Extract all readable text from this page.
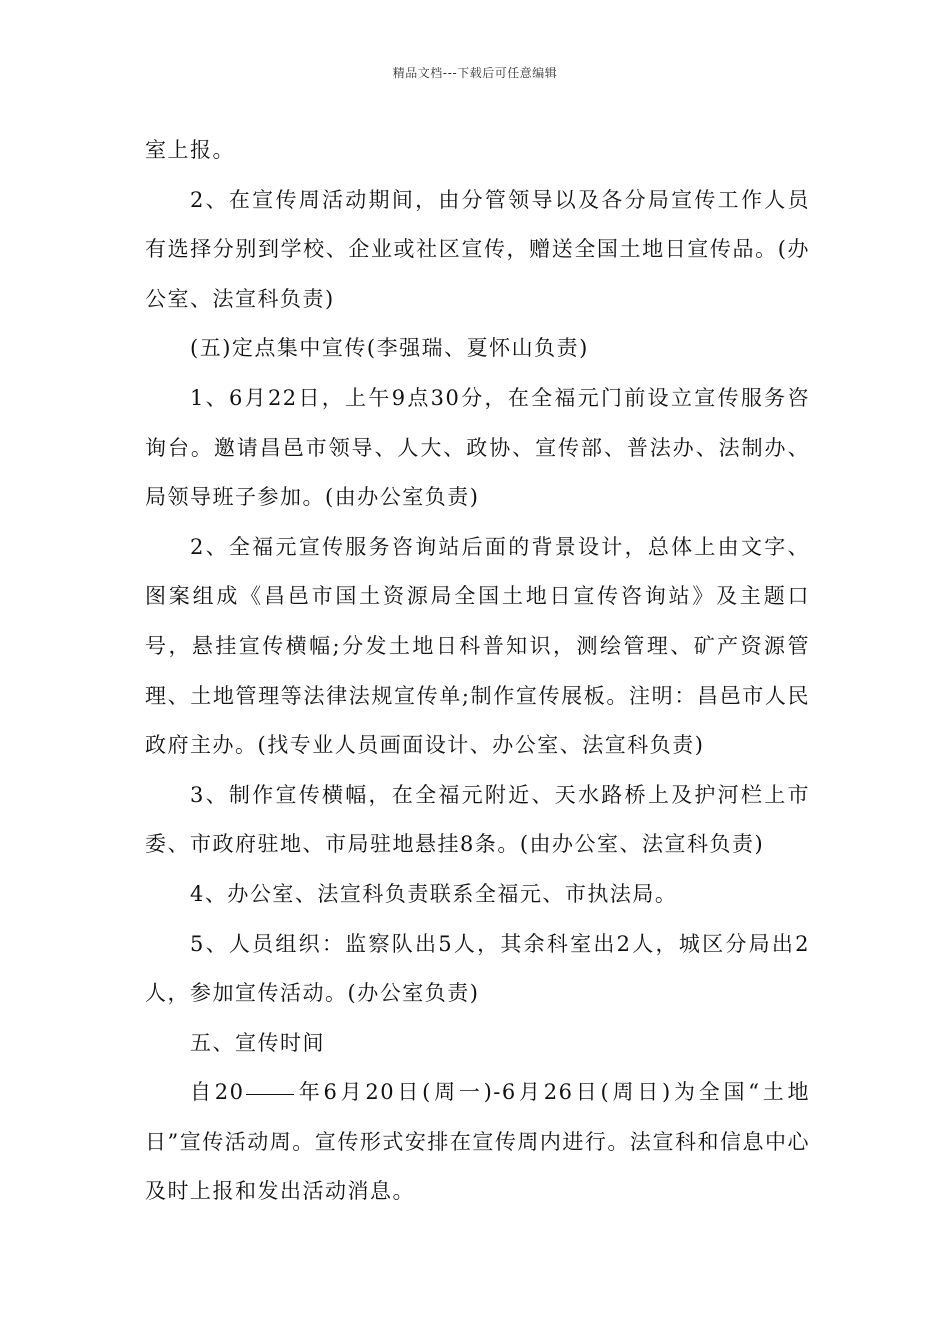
精品文档---下载后可任意编辑

室上报。

2、在宣传周活动期间，由分管领导以及各分局宣传工作人员有选择分别到学校、企业或社区宣传，赠送全国土地日宣传品。(办公室、法宣科负责)

(五)定点集中宣传(李强瑞、夏怀山负责)

1、6月22日，上午9点30分，在全福元门前设立宣传服务咨询台。邀请昌邑市领导、人大、政协、宣传部、普法办、法制办、局领导班子参加。(由办公室负责)

2、全福元宣传服务咨询站后面的背景设计，总体上由文字、图案组成《昌邑市国土资源局全国土地日宣传咨询站》及主题口号，悬挂宣传横幅;分发土地日科普知识，测绘管理、矿产资源管理、土地管理等法律法规宣传单;制作宣传展板。注明：昌邑市人民政府主办。(找专业人员画面设计、办公室、法宣科负责)

3、制作宣传横幅，在全福元附近、天水路桥上及护河栏上市委、市政府驻地、市局驻地悬挂8条。(由办公室、法宣科负责)

4、办公室、法宣科负责联系全福元、市执法局。

5、人员组织：监察队出5人，其余科室出2人，城区分局出2人，参加宣传活动。(办公室负责)

五、宣传时间

自20 年6月20日(周一)-6月26日(周日)为全国“土地日”宣传活动周。宣传形式安排在宣传周内进行。法宣科和信息中心及时上报和发出活动消息。
